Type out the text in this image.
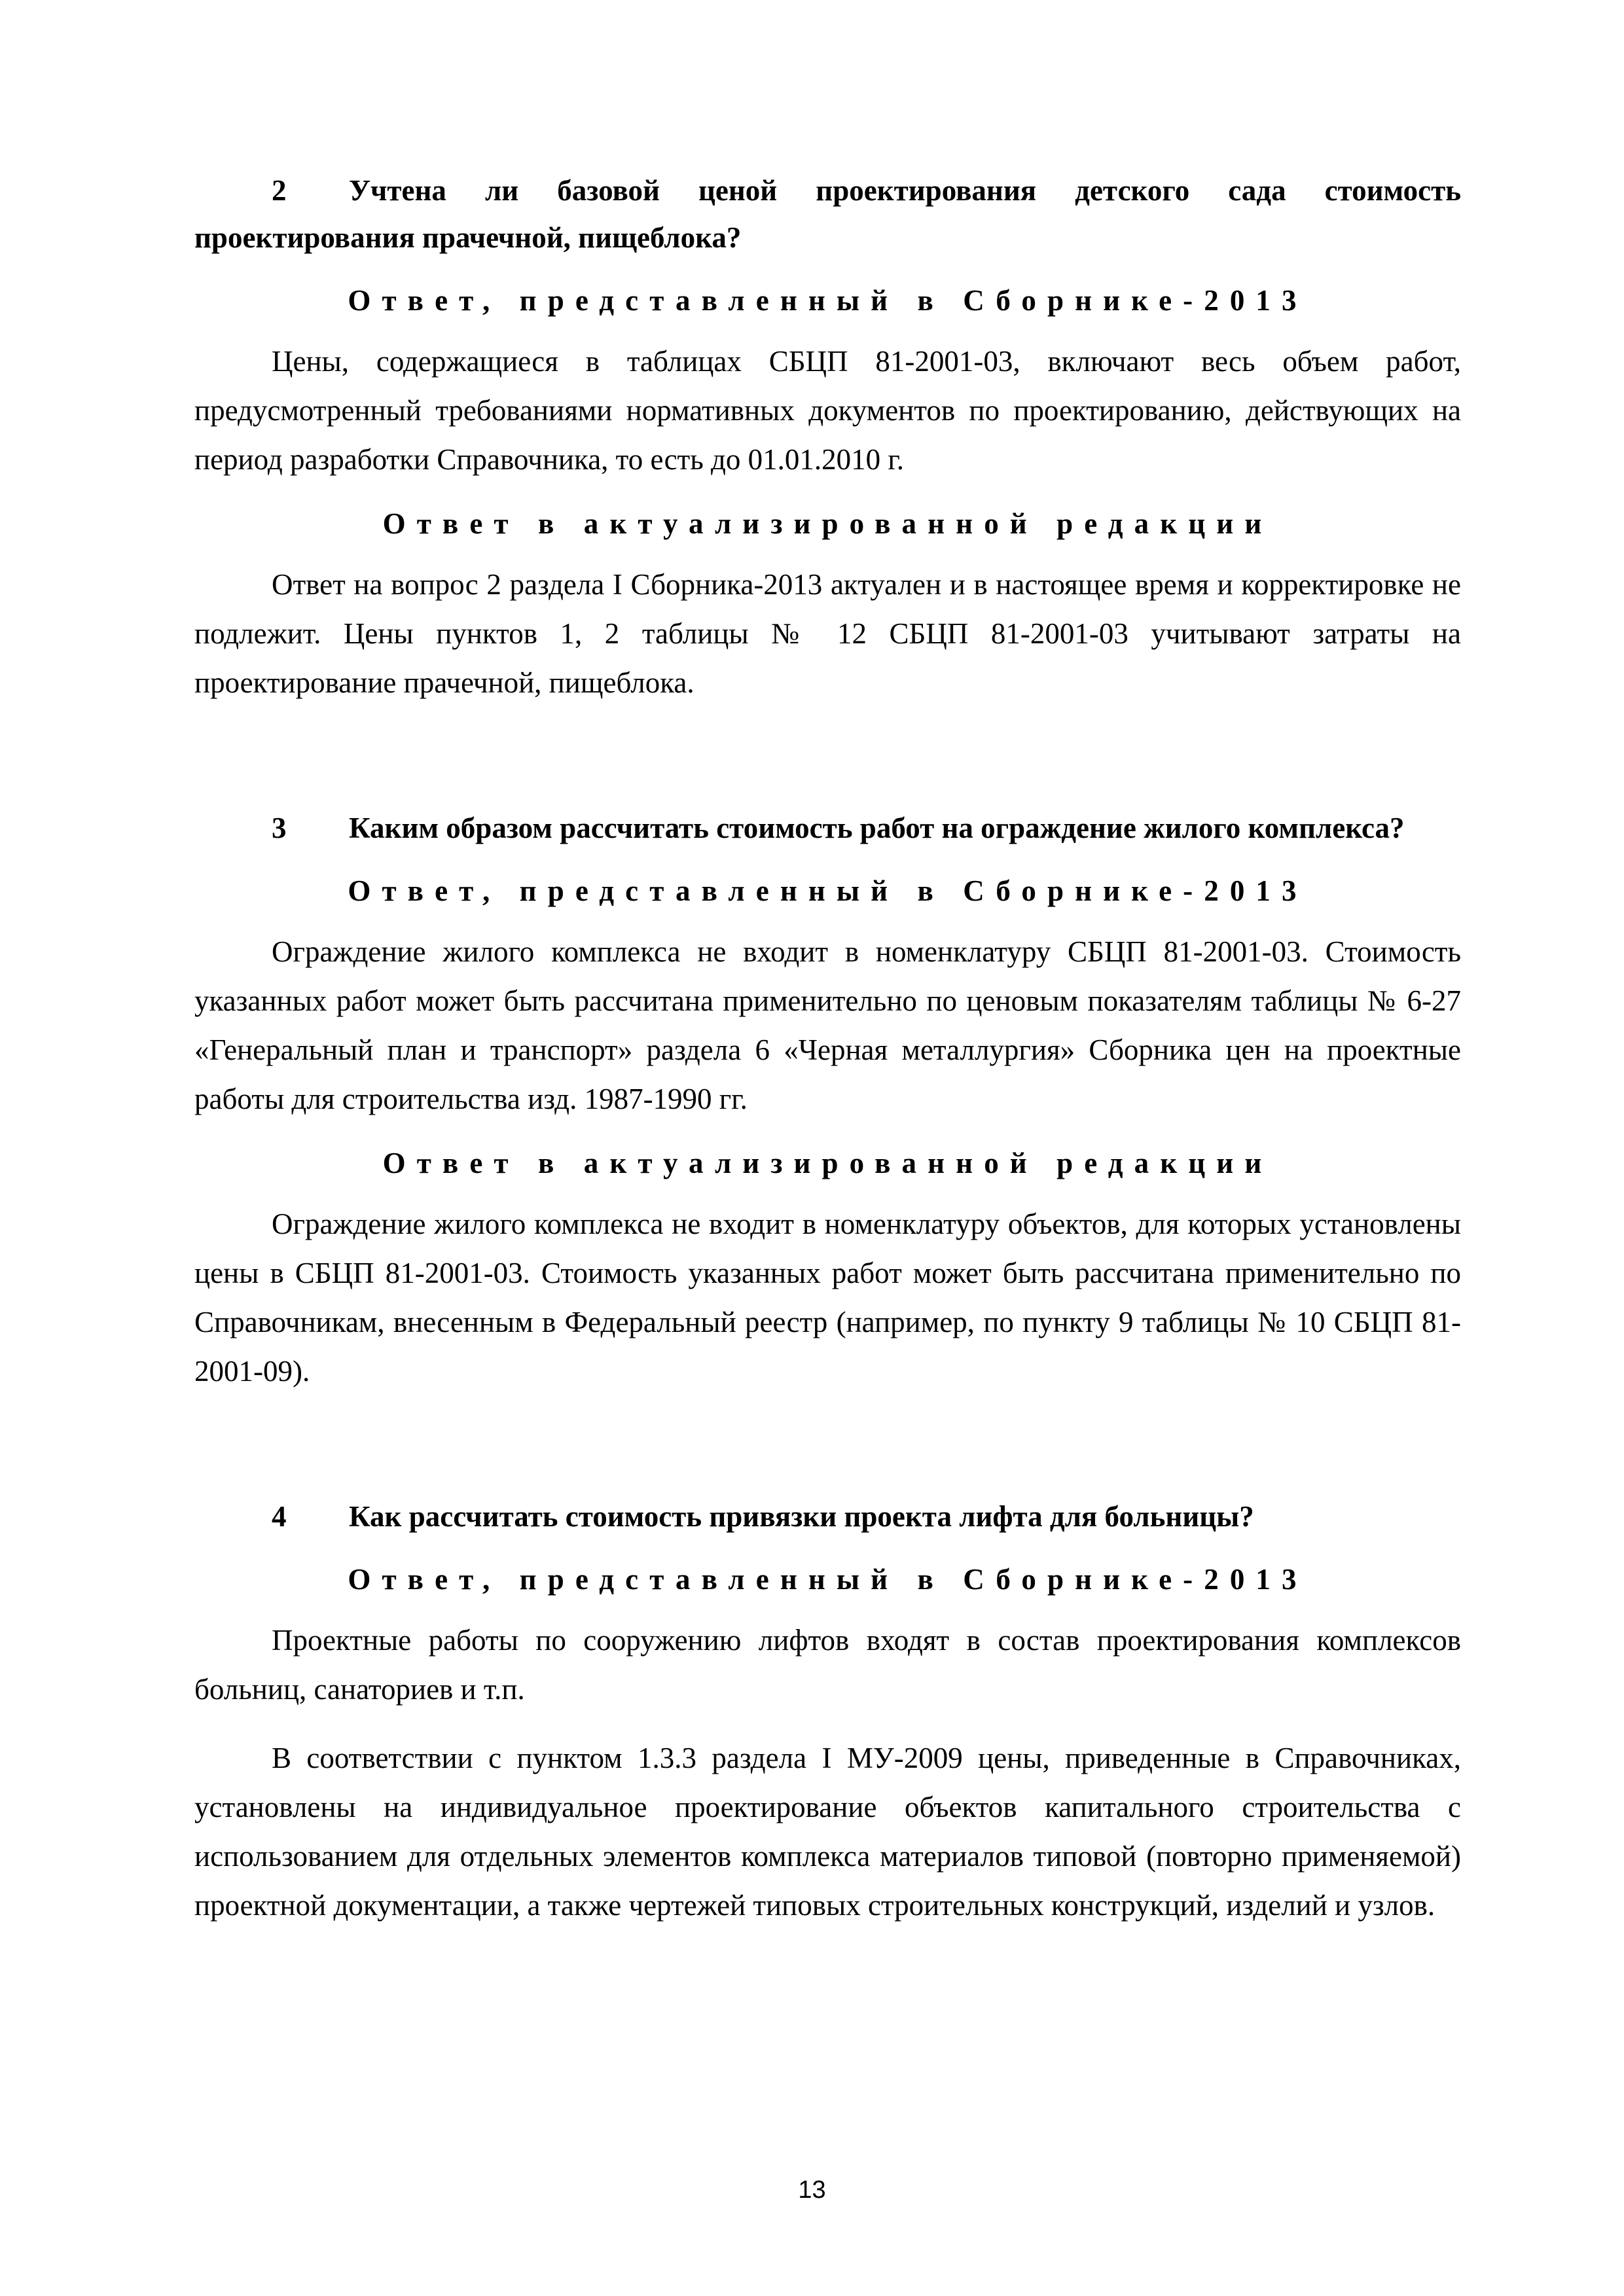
2 Учтена ли базовой ценой проектирования детского сада стоимость проектирования прачечной, пищеблока?

Ответ, представленный в Сборнике-2013

Цены, содержащиеся в таблицах СБЦП 81-2001-03, включают весь объем работ, предусмотренный требованиями нормативных документов по проектированию, действующих на период разработки Справочника, то есть до 01.01.2010 г.

Ответ в актуализированной редакции

Ответ на вопрос 2 раздела I Сборника-2013 актуален и в настоящее время и корректировке не подлежит. Цены пунктов 1, 2 таблицы № 12 СБЦП 81-2001-03 учитывают затраты на проектирование прачечной, пищеблока.

3 Каким образом рассчитать стоимость работ на ограждение жилого комплекса?

Ответ, представленный в Сборнике-2013

Ограждение жилого комплекса не входит в номенклатуру СБЦП 81-2001-03. Стоимость указанных работ может быть рассчитана применительно по ценовым показателям таблицы № 6-27 «Генеральный план и транспорт» раздела 6 «Черная металлургия» Сборника цен на проектные работы для строительства изд. 1987-1990 гг.

Ответ в актуализированной редакции

Ограждение жилого комплекса не входит в номенклатуру объектов, для которых установлены цены в СБЦП 81-2001-03. Стоимость указанных работ может быть рассчитана применительно по Справочникам, внесенным в Федеральный реестр (например, по пункту 9 таблицы № 10 СБЦП 81-2001-09).

4 Как рассчитать стоимость привязки проекта лифта для больницы?

Ответ, представленный в Сборнике-2013

Проектные работы по сооружению лифтов входят в состав проектирования комплексов больниц, санаториев и т.п.

В соответствии с пунктом 1.3.3 раздела I МУ-2009 цены, приведенные в Справочниках, установлены на индивидуальное проектирование объектов капитального строительства с использованием для отдельных элементов комплекса материалов типовой (повторно применяемой) проектной документации, а также чертежей типовых строительных конструкций, изделий и узлов.

13
